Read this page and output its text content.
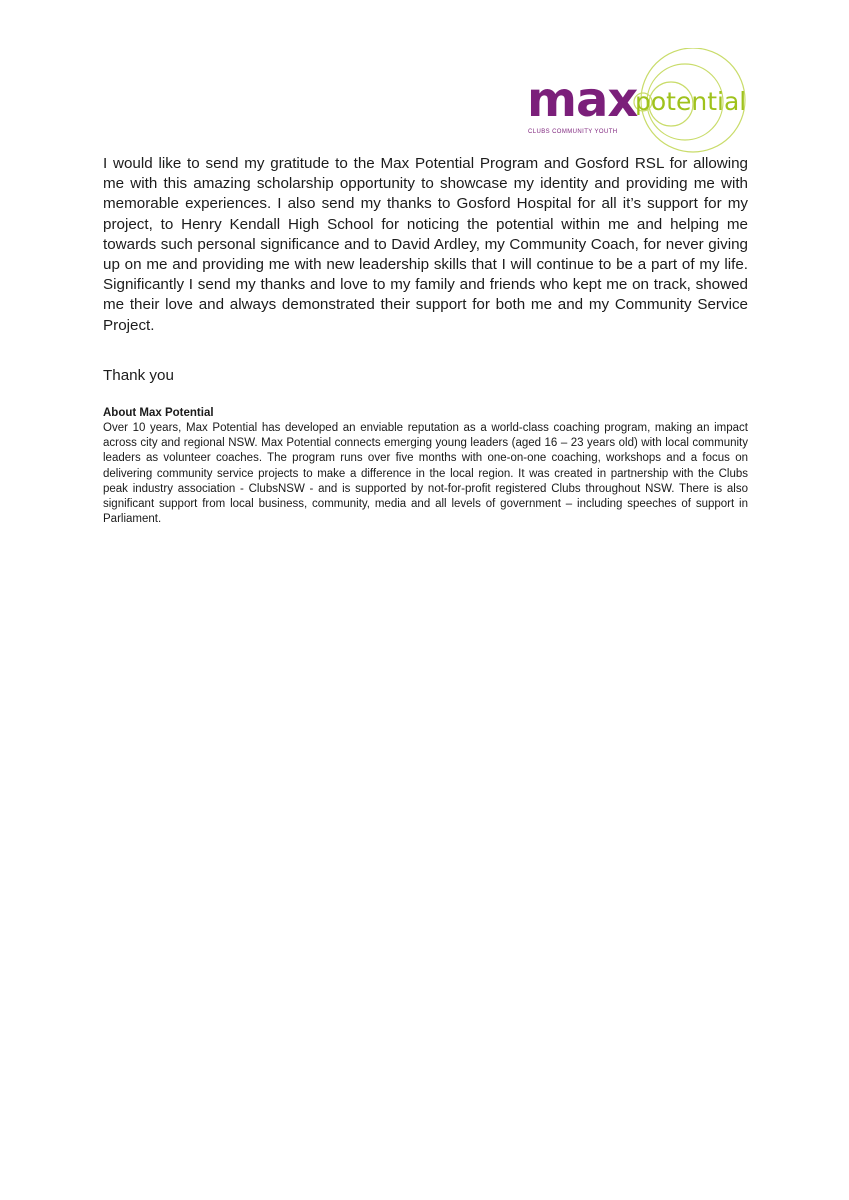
max
potential
CLUBS COMMUNITY YOUTH

I would like to send my gratitude to the Max Potential Program and Gosford RSL for allowing me with this amazing scholarship opportunity to showcase my identity and providing me with memorable experiences. I also send my thanks to Gosford Hospital for all it’s support for my project, to Henry Kendall High School for noticing the potential within me and helping me towards such personal significance and to David Ardley, my Community Coach, for never giving up on me and providing me with new leadership skills that I will continue to be a part of my life. Significantly I send my thanks and love to my family and friends who kept me on track, showed me their love and always demonstrated their support for both me and my Community Service Project.

Thank you

About Max Potential

Over 10 years, Max Potential has developed an enviable reputation as a world-class coaching program, making an impact across city and regional NSW. Max Potential connects emerging young leaders (aged 16 – 23 years old) with local community leaders as volunteer coaches. The program runs over five months with one-on-one coaching, workshops and a focus on delivering community service projects to make a difference in the local region. It was created in partnership with the Clubs peak industry association - ClubsNSW - and is supported by not-for-profit registered Clubs throughout NSW. There is also significant support from local business, community, media and all levels of government – including speeches of support in Parliament.
